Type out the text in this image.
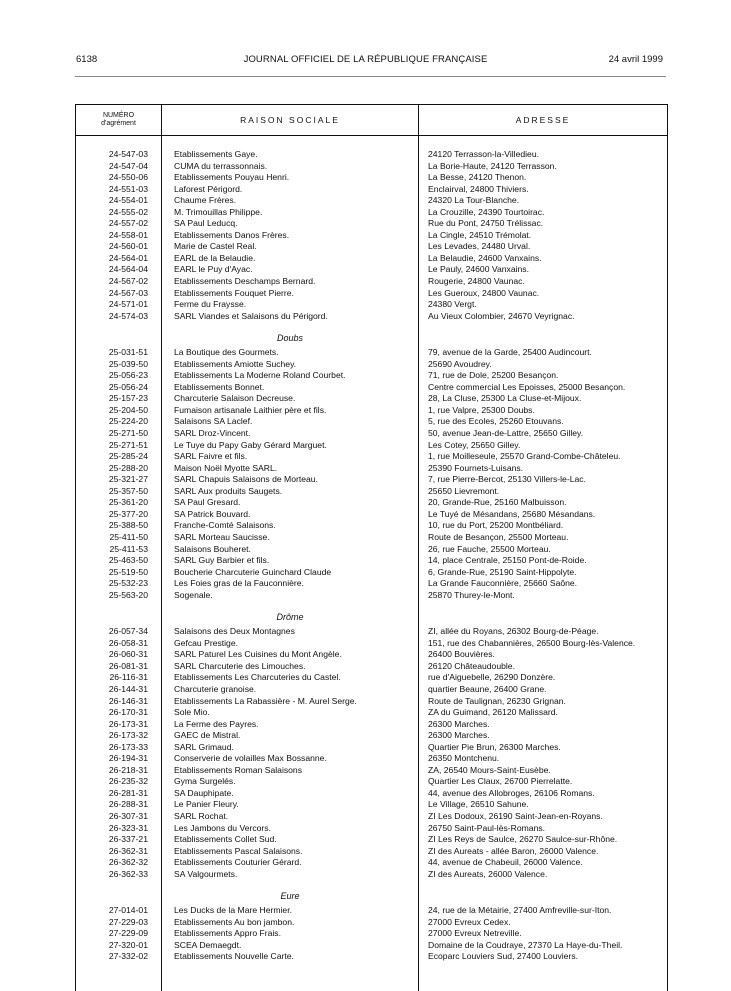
6138	JOURNAL OFFICIEL DE LA RÉPUBLIQUE FRANÇAISE	24 avril 1999
NUMÉRO
d'agrément	RAISON SOCIALE	ADRESSE
24-547-03	Etablissements Gaye.	24120 Terrasson-la-Villedieu.
24-547-04	CUMA du terrassonnais.	La Borie-Haute, 24120 Terrasson.
24-550-06	Etablissements Pouyau Henri.	La Besse, 24120 Thenon.
24-551-03	Laforest Périgord.	Enclairval, 24800 Thiviers.
24-554-01	Chaume Frères.	24320 La Tour-Blanche.
24-555-02	M. Trimouillas Philippe.	La Crouzille, 24390 Tourtoirac.
24-557-02	SA Paul Leducq.	Rue du Pont, 24750 Trélissac.
24-558-01	Etablissements Danos Frères.	La Cingle, 24510 Trémolat.
24-560-01	Marie de Castel Real.	Les Levades, 24480 Urval.
24-564-01	EARL de la Belaudie.	La Belaudie, 24600 Vanxains.
24-564-04	EARL le Puy d'Ayac.	Le Pauly, 24600 Vanxains.
24-567-02	Etablissements Deschamps Bernard.	Rougerie, 24800 Vaunac.
24-567-03	Etablissements Fouquet Pierre.	Les Gueroux, 24800 Vaunac.
24-571-01	Ferme du Fraysse.	24380 Vergt.
24-574-03	SARL Viandes et Salaisons du Périgord.	Au Vieux Colombier, 24670 Veyrignac.
Doubs
25-031-51	La Boutique des Gourmets.	79, avenue de la Garde, 25400 Audincourt.
25-039-50	Etablissements Amiotte Suchey.	25690 Avoudrey.
25-056-23	Etablissements La Moderne Roland Courbet.	71, rue de Dole, 25200 Besançon.
25-056-24	Etablissements Bonnet.	Centre commercial Les Epoisses, 25000 Besançon.
25-157-23	Charcuterie Salaison Decreuse.	28, La Cluse, 25300 La Cluse-et-Mijoux.
25-204-50	Fumaison artisanale Laithier père et fils.	1, rue Valpre, 25300 Doubs.
25-224-20	Salaisons SA Laclef.	5, rue des Ecoles, 25260 Etouvans.
25-271-50	SARL Droz-Vincent.	50, avenue Jean-de-Lattre, 25650 Gilley.
25-271-51	Le Tuye du Papy Gaby Gérard Marguet.	Les Cotey, 25650 Gilley.
25-285-24	SARL Faivre et fils.	1, rue Moilleseule, 25570 Grand-Combe-Châteleu.
25-288-20	Maison Noël Myotte SARL.	25390 Fournets-Luisans.
25-321-27	SARL Chapuis Salaisons de Morteau.	7, rue Pierre-Bercot, 25130 Villers-le-Lac.
25-357-50	SARL Aux produits Saugets.	25650 Lievremont.
25-361-20	SA Paul Gresard.	20, Grande-Rue, 25160 Malbuisson.
25-377-20	SA Patrick Bouvard.	Le Tuyé de Mésandans, 25680 Mésandans.
25-388-50	Franche-Comté Salaisons.	10, rue du Port, 25200 Montbéliard.
25-411-50	SARL Morteau Saucisse.	Route de Besançon, 25500 Morteau.
25-411-53	Salaisons Bouheret.	26, rue Fauche, 25500 Morteau.
25-463-50	SARL Guy Barbier et fils.	14, place Centrale, 25150 Pont-de-Roide.
25-519-50	Boucherie Charcuterie Guinchard Claude	6, Grande-Rue, 25190 Saint-Hippolyte.
25-532-23	Les Foies gras de la Fauconnière.	La Grande Fauconnière, 25660 Saône.
25-563-20	Sogenale.	25870 Thurey-le-Mont.
Drôme
26-057-34	Salaisons des Deux Montagnes	ZI, allée du Royans, 26302 Bourg-de-Péage.
26-058-31	Gefcau Prestige.	151, rue des Chabannières, 26500 Bourg-lès-Valence.
26-060-31	SARL Paturel Les Cuisines du Mont Angèle.	26400 Bouvières.
26-081-31	SARL Charcuterie des Limouches.	26120 Châteaudouble.
26-116-31	Etablissements Les Charcuteries du Castel.	rue d'Aiguebelle, 26290 Donzère.
26-144-31	Charcuterie granoise.	quartier Beaune, 26400 Grane.
26-146-31	Etablissements La Rabassière - M. Aurel Serge.	Route de Taulignan, 26230 Grignan.
26-170-31	Sole Mio.	ZA du Guimand, 26120 Malissard.
26-173-31	La Ferme des Payres.	26300 Marches.
26-173-32	GAEC de Mistral.	26300 Marches.
26-173-33	SARL Grimaud.	Quartier Pie Brun, 26300 Marches.
26-194-31	Conserverie de volailles Max Bossanne.	26350 Montchenu.
26-218-31	Etablissements Roman Salaisons	ZA, 26540 Mours-Saint-Eusèbe.
26-235-32	Gyma Surgelés.	Quartier Les Claux, 26700 Pierrelatte.
26-281-31	SA Dauphipate.	44, avenue des Allobroges, 26106 Romans.
26-288-31	Le Panier Fleury.	Le Village, 26510 Sahune.
26-307-31	SARL Rochat.	ZI Les Dodoux, 26190 Saint-Jean-en-Royans.
26-323-31	Les Jambons du Vercors.	26750 Saint-Paul-lès-Romans.
26-337-21	Etablissements Collet Sud.	ZI Les Reys de Saulce, 26270 Saulce-sur-Rhône.
26-362-31	Etablissements Pascal Salaisons.	ZI des Aureats - allée Baron, 26000 Valence.
26-362-32	Etablissements Couturier Gérard.	44, avenue de Chabeuil, 26000 Valence.
26-362-33	SA Valgourmets.	ZI des Aureats, 26000 Valence.
Eure
27-014-01	Les Ducks de la Mare Hermier.	24, rue de la Métairie, 27400 Amfreville-sur-Iton.
27-229-03	Etablissements Au bon jambon.	27000 Evreux Cedex.
27-229-09	Etablissements Appro Frais.	27000 Evreux Netreville.
27-320-01	SCEA Demaegdt.	Domaine de la Coudraye, 27370 La Haye-du-Theil.
27-332-02	Etablissements Nouvelle Carte.	Ecoparc Louviers Sud, 27400 Louviers.
